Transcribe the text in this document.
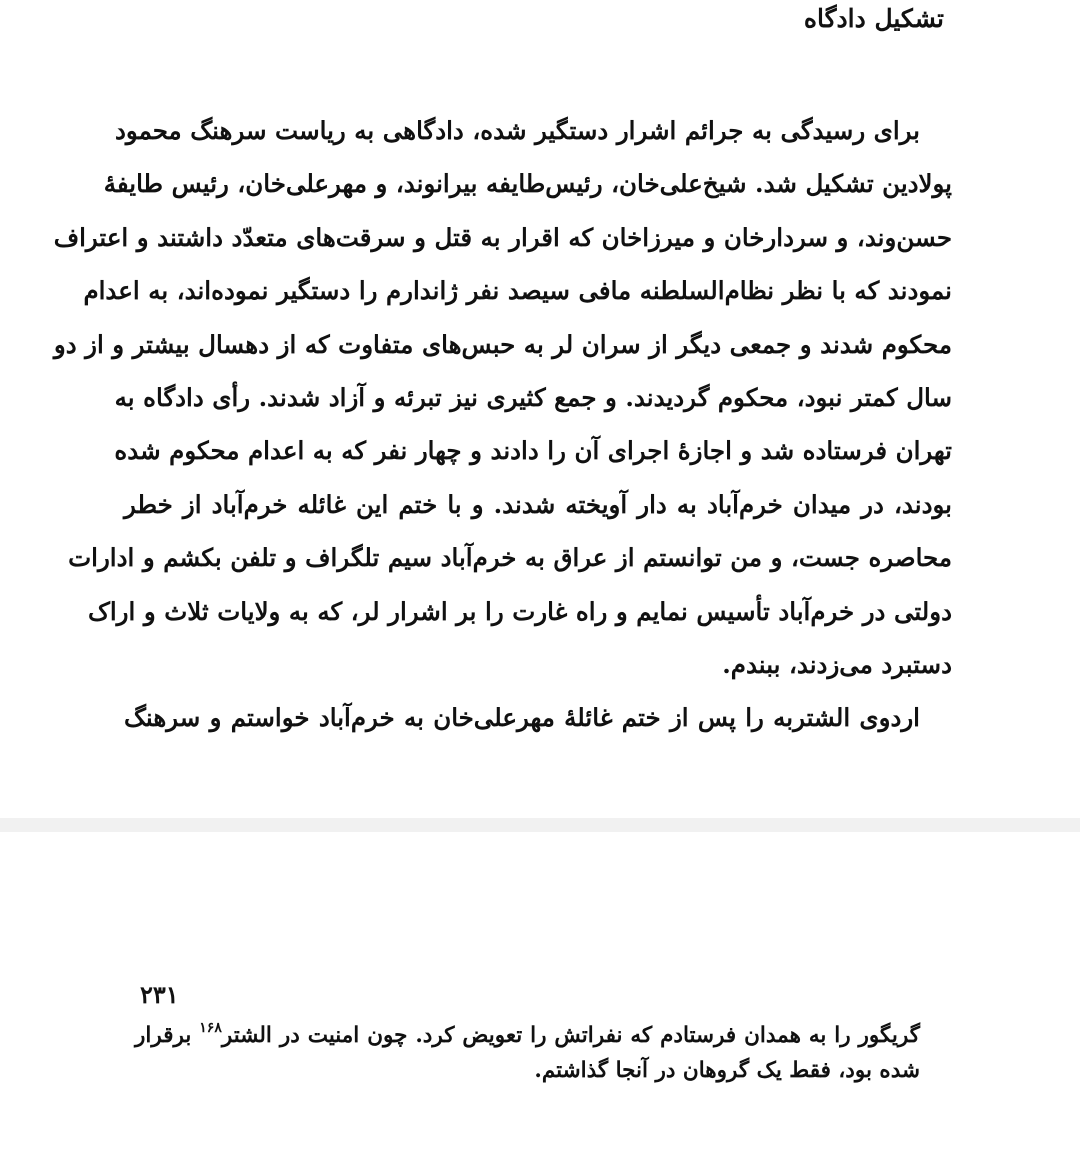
تشکیل دادگاه
برای رسیدگی به جرائم اشرار دستگیر شده، دادگاهی به ریاست سرهنگ محمود
پولادین تشکیل شد. شیخ‌علی‌خان، رئیس‌طایفه بیرانوند، و مهرعلی‌خان، رئیس طایفهٔ
حسن‌وند، و سردارخان و میرزاخان که اقرار به قتل و سرقت‌های متعدّد داشتند و اعتراف
نمودند که با نظر نظام‌السلطنه مافی سیصد نفر ژاندارم را دستگیر نموده‌اند، به اعدام
محکوم شدند و جمعی دیگر از سران لر به حبس‌های متفاوت که از دهسال بیشتر و از دو
سال کمتر نبود، محکوم گردیدند. و جمع کثیری نیز تبرئه و آزاد شدند. رأی دادگاه به
تهران فرستاده شد و اجازهٔ اجرای آن را دادند و چهار نفر که به اعدام محکوم شده
بودند، در میدان خرم‌آباد به دار آویخته شدند. و با ختم این غائله خرم‌آباد از خطر
محاصره جست، و من توانستم از عراق به خرم‌آباد سیم تلگراف و تلفن بکشم و ادارات
دولتی در خرم‌آباد تأسیس نمایم و راه غارت را بر اشرار لر، که به ولایات ثلاث و اراک
دستبرد می‌زدند، ببندم.
اردوی الشتربه را پس از ختم غائلهٔ مهرعلی‌خان به خرم‌آباد خواستم و سرهنگ
۲۳۱
گریگور را به همدان فرستادم که نفراتش را تعویض کرد. چون امنیت در الشتر$^{۱۶۸}$ برقرار
شده بود، فقط یک گروهان در آنجا گذاشتم.
